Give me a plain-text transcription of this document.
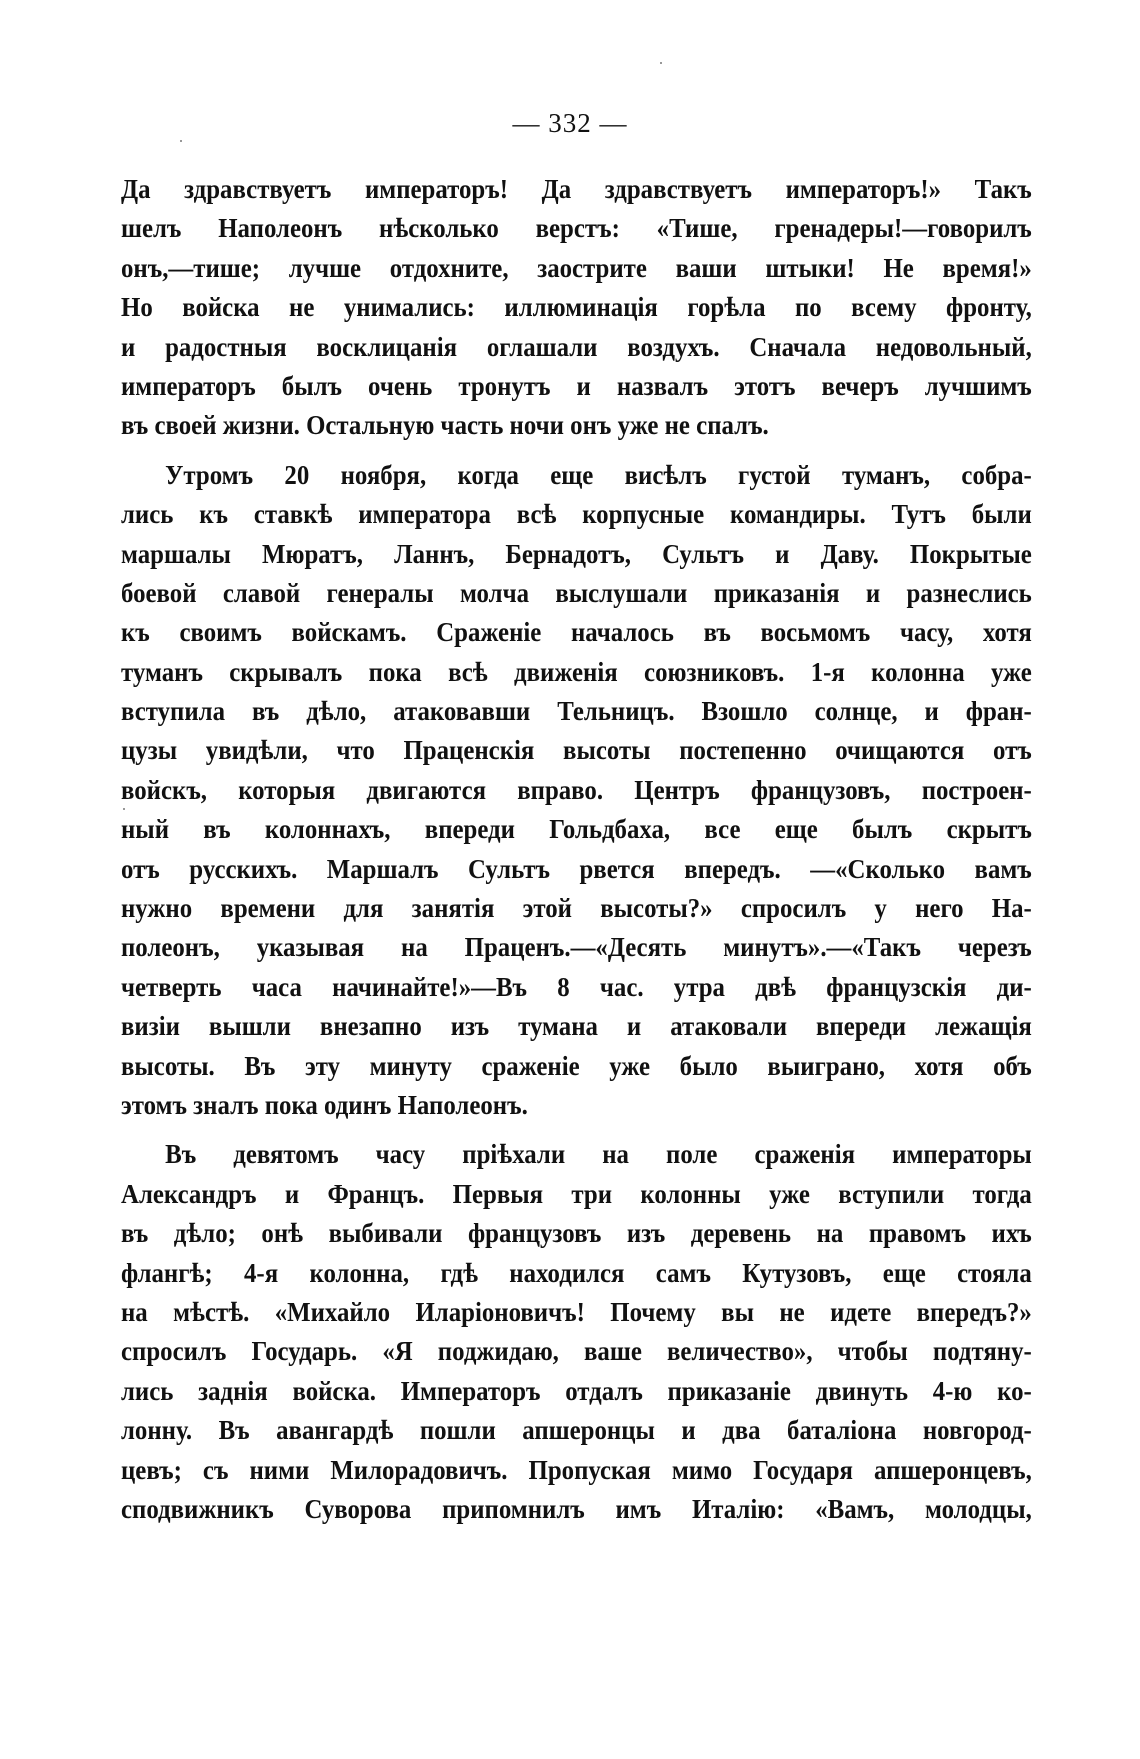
— 332 —
Да здравствуетъ императоръ! Да здравствуетъ императоръ!» Такъ
шелъ Наполеонъ нѣсколько верстъ: «Тише, гренадеры!—говорилъ
онъ,—тише; лучше отдохните, заострите ваши штыки! Не время!»
Но войска не унимались: иллюминація горѣла по всему фронту,
и радостныя восклицанія оглашали воздухъ. Сначала недовольный,
императоръ былъ очень тронутъ и назвалъ этотъ вечеръ лучшимъ
въ своей жизни. Остальную часть ночи онъ уже не спалъ.
Утромъ 20 ноября, когда еще висѣлъ густой туманъ, собра-
лись къ ставкѣ императора всѣ корпусные командиры. Тутъ были
маршалы Мюратъ, Ланнъ, Бернадотъ, Сультъ и Даву. Покрытые
боевой славой генералы молча выслушали приказанія и разнеслись
къ своимъ войскамъ. Сраженіе началось въ восьмомъ часу, хотя
туманъ скрывалъ пока всѣ движенія союзниковъ. 1-я колонна уже
вступила въ дѣло, атаковавши Тельницъ. Взошло солнце, и фран-
цузы увидѣли, что Праценскія высоты постепенно очищаются отъ
войскъ, которыя двигаются вправо. Центръ французовъ, построен-
ный въ колоннахъ, впереди Гольдбаха, все еще былъ скрытъ
отъ русскихъ. Маршалъ Сультъ рвется впередъ. —«Сколько вамъ
нужно времени для занятія этой высоты?» спросилъ у него На-
полеонъ, указывая на Праценъ.—«Десять минутъ».—«Такъ черезъ
четверть часа начинайте!»—Въ 8 час. утра двѣ французскія ди-
визіи вышли внезапно изъ тумана и атаковали впереди лежащія
высоты. Въ эту минуту сраженіе уже было выиграно, хотя объ
этомъ зналъ пока одинъ Наполеонъ.
Въ девятомъ часу пріѣхали на поле сраженія императоры
Александръ и Францъ. Первыя три колонны уже вступили тогда
въ дѣло; онѣ выбивали французовъ изъ деревень на правомъ ихъ
флангѣ; 4-я колонна, гдѣ находился самъ Кутузовъ, еще стояла
на мѣстѣ. «Михайло Иларіоновичъ! Почему вы не идете впередъ?»
спросилъ Государь. «Я поджидаю, ваше величество», чтобы подтяну-
лись заднія войска. Императоръ отдалъ приказаніе двинуть 4-ю ко-
лонну. Въ авангардѣ пошли апшеронцы и два баталіона новгород-
цевъ; съ ними Милорадовичъ. Пропуская мимо Государя апшеронцевъ,
сподвижникъ Суворова припомнилъ имъ Италію: «Вамъ, молодцы,
